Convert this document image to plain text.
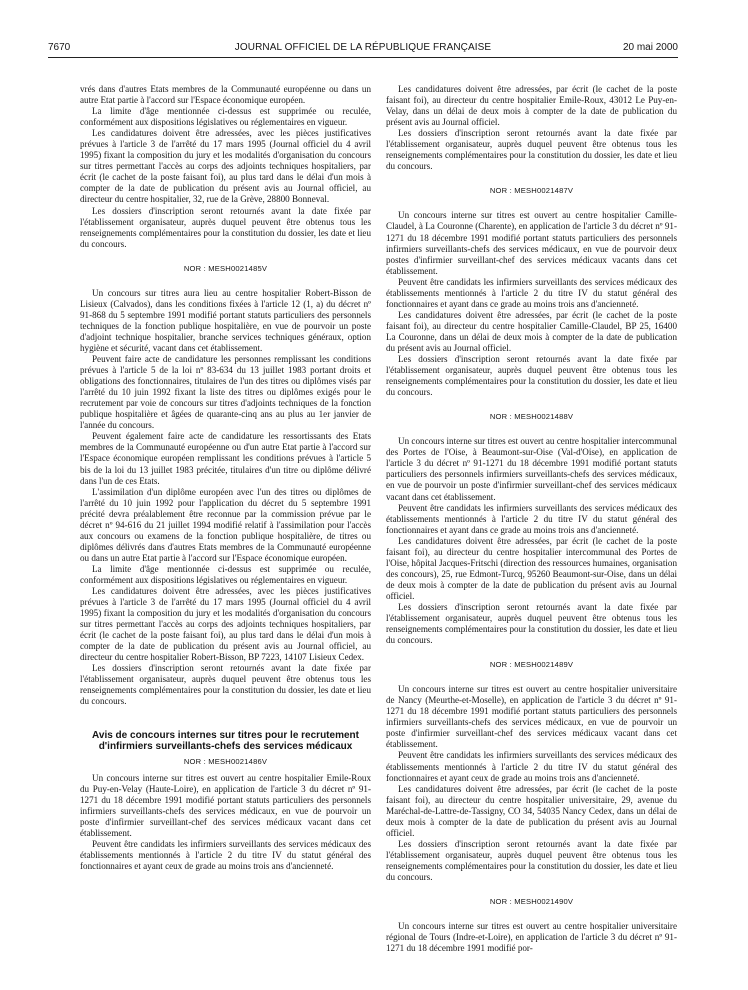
7670	JOURNAL OFFICIEL DE LA RÉPUBLIQUE FRANÇAISE	20 mai 2000

vrés dans d'autres Etats membres de la Communauté européenne ou dans un autre Etat partie à l'accord sur l'Espace économique européen.

La limite d'âge mentionnée ci-dessus est supprimée ou reculée, conformément aux dispositions législatives ou réglementaires en vigueur.

Les candidatures doivent être adressées, avec les pièces justificatives prévues à l'article 3 de l'arrêté du 17 mars 1995 (Journal officiel du 4 avril 1995) fixant la composition du jury et les modalités d'organisation du concours sur titres permettant l'accès au corps des adjoints techniques hospitaliers, par écrit (le cachet de la poste faisant foi), au plus tard dans le délai d'un mois à compter de la date de publication du présent avis au Journal officiel, au directeur du centre hospitalier, 32, rue de la Grève, 28800 Bonneval.

Les dossiers d'inscription seront retournés avant la date fixée par l'établissement organisateur, auprès duquel peuvent être obtenus tous les renseignements complémentaires pour la constitution du dossier, les date et lieu du concours.

NOR : MESH0021485V

Un concours sur titres aura lieu au centre hospitalier Robert-Bisson de Lisieux (Calvados), dans les conditions fixées à l'article 12 (1, a) du décret nº 91-868 du 5 septembre 1991 modifié portant statuts particuliers des personnels techniques de la fonction publique hospitalière, en vue de pourvoir un poste d'adjoint technique hospitalier, branche services techniques généraux, option hygiène et sécurité, vacant dans cet établissement.

Peuvent faire acte de candidature les personnes remplissant les conditions prévues à l'article 5 de la loi nº 83-634 du 13 juillet 1983 portant droits et obligations des fonctionnaires, titulaires de l'un des titres ou diplômes visés par l'arrêté du 10 juin 1992 fixant la liste des titres ou diplômes exigés pour le recrutement par voie de concours sur titres d'adjoints techniques de la fonction publique hospitalière et âgées de quarante-cinq ans au plus au 1er janvier de l'année du concours.

Peuvent également faire acte de candidature les ressortissants des Etats membres de la Communauté européenne ou d'un autre Etat partie à l'accord sur l'Espace économique européen remplissant les conditions prévues à l'article 5 bis de la loi du 13 juillet 1983 précitée, titulaires d'un titre ou diplôme délivré dans l'un de ces Etats.

L'assimilation d'un diplôme européen avec l'un des titres ou diplômes de l'arrêté du 10 juin 1992 pour l'application du décret du 5 septembre 1991 précité devra préalablement être reconnue par la commission prévue par le décret nº 94-616 du 21 juillet 1994 modifié relatif à l'assimilation pour l'accès aux concours ou examens de la fonction publique hospitalière, de titres ou diplômes délivrés dans d'autres Etats membres de la Communauté européenne ou dans un autre Etat partie à l'accord sur l'Espace économique européen.

La limite d'âge mentionnée ci-dessus est supprimée ou reculée, conformément aux dispositions législatives ou réglementaires en vigueur.

Les candidatures doivent être adressées, avec les pièces justificatives prévues à l'article 3 de l'arrêté du 17 mars 1995 (Journal officiel du 4 avril 1995) fixant la composition du jury et les modalités d'organisation du concours sur titres permettant l'accès au corps des adjoints techniques hospitaliers, par écrit (le cachet de la poste faisant foi), au plus tard dans le délai d'un mois à compter de la date de publication du présent avis au Journal officiel, au directeur du centre hospitalier Robert-Bisson, BP 7223, 14107 Lisieux Cedex.

Les dossiers d'inscription seront retournés avant la date fixée par l'établissement organisateur, auprès duquel peuvent être obtenus tous les renseignements complémentaires pour la constitution du dossier, les date et lieu du concours.

Avis de concours internes sur titres pour le recrutement d'infirmiers surveillants-chefs des services médicaux

NOR : MESH0021486V

Un concours interne sur titres est ouvert au centre hospitalier Emile-Roux du Puy-en-Velay (Haute-Loire), en application de l'article 3 du décret nº 91-1271 du 18 décembre 1991 modifié portant statuts particuliers des personnels infirmiers surveillants-chefs des services médicaux, en vue de pourvoir un poste d'infirmier surveillant-chef des services médicaux vacant dans cet établissement.

Peuvent être candidats les infirmiers surveillants des services médicaux des établissements mentionnés à l'article 2 du titre IV du statut général des fonctionnaires et ayant ceux de grade au moins trois ans d'ancienneté.

Les candidatures doivent être adressées, par écrit (le cachet de la poste faisant foi), au directeur du centre hospitalier Emile-Roux, 43012 Le Puy-en-Velay, dans un délai de deux mois à compter de la date de publication du présent avis au Journal officiel.

Les dossiers d'inscription seront retournés avant la date fixée par l'établissement organisateur, auprès duquel peuvent être obtenus tous les renseignements complémentaires pour la constitution du dossier, les date et lieu du concours.

NOR : MESH0021487V

Un concours interne sur titres est ouvert au centre hospitalier Camille-Claudel, à La Couronne (Charente), en application de l'article 3 du décret nº 91-1271 du 18 décembre 1991 modifié portant statuts particuliers des personnels infirmiers surveillants-chefs des services médicaux, en vue de pourvoir deux postes d'infirmier surveillant-chef des services médicaux vacants dans cet établissement.

Peuvent être candidats les infirmiers surveillants des services médicaux des établissements mentionnés à l'article 2 du titre IV du statut général des fonctionnaires et ayant dans ce grade au moins trois ans d'ancienneté.

Les candidatures doivent être adressées, par écrit (le cachet de la poste faisant foi), au directeur du centre hospitalier Camille-Claudel, BP 25, 16400 La Couronne, dans un délai de deux mois à compter de la date de publication du présent avis au Journal officiel.

Les dossiers d'inscription seront retournés avant la date fixée par l'établissement organisateur, auprès duquel peuvent être obtenus tous les renseignements complémentaires pour la constitution du dossier, les date et lieu du concours.

NOR : MESH0021488V

Un concours interne sur titres est ouvert au centre hospitalier intercommunal des Portes de l'Oise, à Beaumont-sur-Oise (Val-d'Oise), en application de l'article 3 du décret nº 91-1271 du 18 décembre 1991 modifié portant statuts particuliers des personnels infirmiers surveillants-chefs des services médicaux, en vue de pourvoir un poste d'infirmier surveillant-chef des services médicaux vacant dans cet établissement.

Peuvent être candidats les infirmiers surveillants des services médicaux des établissements mentionnés à l'article 2 du titre IV du statut général des fonctionnaires et ayant dans ce grade au moins trois ans d'ancienneté.

Les candidatures doivent être adressées, par écrit (le cachet de la poste faisant foi), au directeur du centre hospitalier intercommunal des Portes de l'Oise, hôpital Jacques-Fritschi (direction des ressources humaines, organisation des concours), 25, rue Edmont-Turcq, 95260 Beaumont-sur-Oise, dans un délai de deux mois à compter de la date de publication du présent avis au Journal officiel.

Les dossiers d'inscription seront retournés avant la date fixée par l'établissement organisateur, auprès duquel peuvent être obtenus tous les renseignements complémentaires pour la constitution du dossier, les date et lieu du concours.

NOR : MESH0021489V

Un concours interne sur titres est ouvert au centre hospitalier universitaire de Nancy (Meurthe-et-Moselle), en application de l'article 3 du décret nº 91-1271 du 18 décembre 1991 modifié portant statuts particuliers des personnels infirmiers surveillants-chefs des services médicaux, en vue de pourvoir un poste d'infirmier surveillant-chef des services médicaux vacant dans cet établissement.

Peuvent être candidats les infirmiers surveillants des services médicaux des établissements mentionnés à l'article 2 du titre IV du statut général des fonctionnaires et ayant ceux de grade au moins trois ans d'ancienneté.

Les candidatures doivent être adressées, par écrit (le cachet de la poste faisant foi), au directeur du centre hospitalier universitaire, 29, avenue du Maréchal-de-Lattre-de-Tassigny, CO 34, 54035 Nancy Cedex, dans un délai de deux mois à compter de la date de publication du présent avis au Journal officiel.

Les dossiers d'inscription seront retournés avant la date fixée par l'établissement organisateur, auprès duquel peuvent être obtenus tous les renseignements complémentaires pour la constitution du dossier, les date et lieu du concours.

NOR : MESH0021490V

Un concours interne sur titres est ouvert au centre hospitalier universitaire régional de Tours (Indre-et-Loire), en application de l'article 3 du décret nº 91-1271 du 18 décembre 1991 modifié por-
